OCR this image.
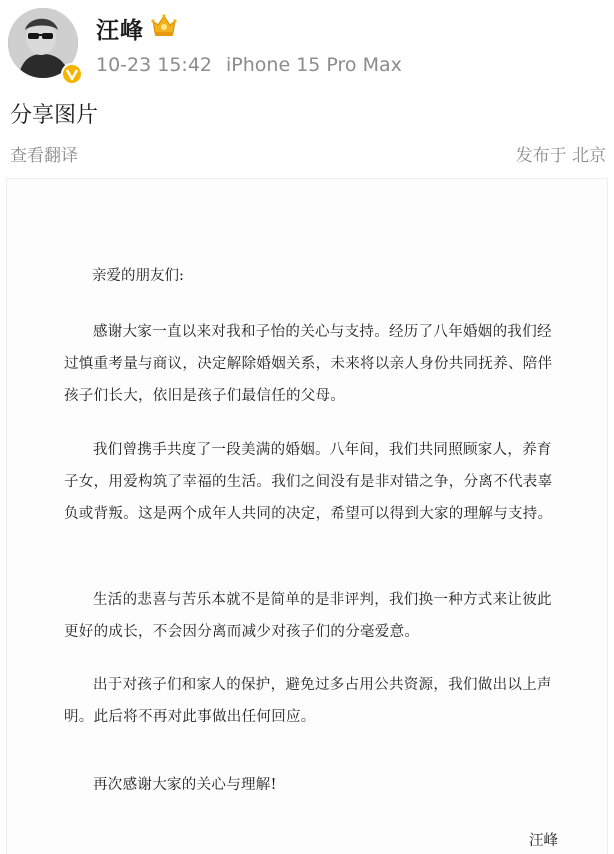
汪峰
10-23 15:42 iPhone 15 Pro Max
分享图片
查看翻译	发布于 北京
亲爱的朋友们:

感谢大家一直以来对我和子怡的关心与支持。经历了八年婚姻的我们经过慎重考量与商议，决定解除婚姻关系，未来将以亲人身份共同抚养、陪伴孩子们长大，依旧是孩子们最信任的父母。

我们曾携手共度了一段美满的婚姻。八年间，我们共同照顾家人，养育子女，用爱构筑了幸福的生活。我们之间没有是非对错之争，分离不代表辜负或背叛。这是两个成年人共同的决定，希望可以得到大家的理解与支持。

生活的悲喜与苦乐本就不是简单的是非评判，我们换一种方式来让彼此更好的成长，不会因分离而减少对孩子们的分毫爱意。

出于对孩子们和家人的保护，避免过多占用公共资源，我们做出以上声明。此后将不再对此事做出任何回应。

再次感谢大家的关心与理解!

汪峰
